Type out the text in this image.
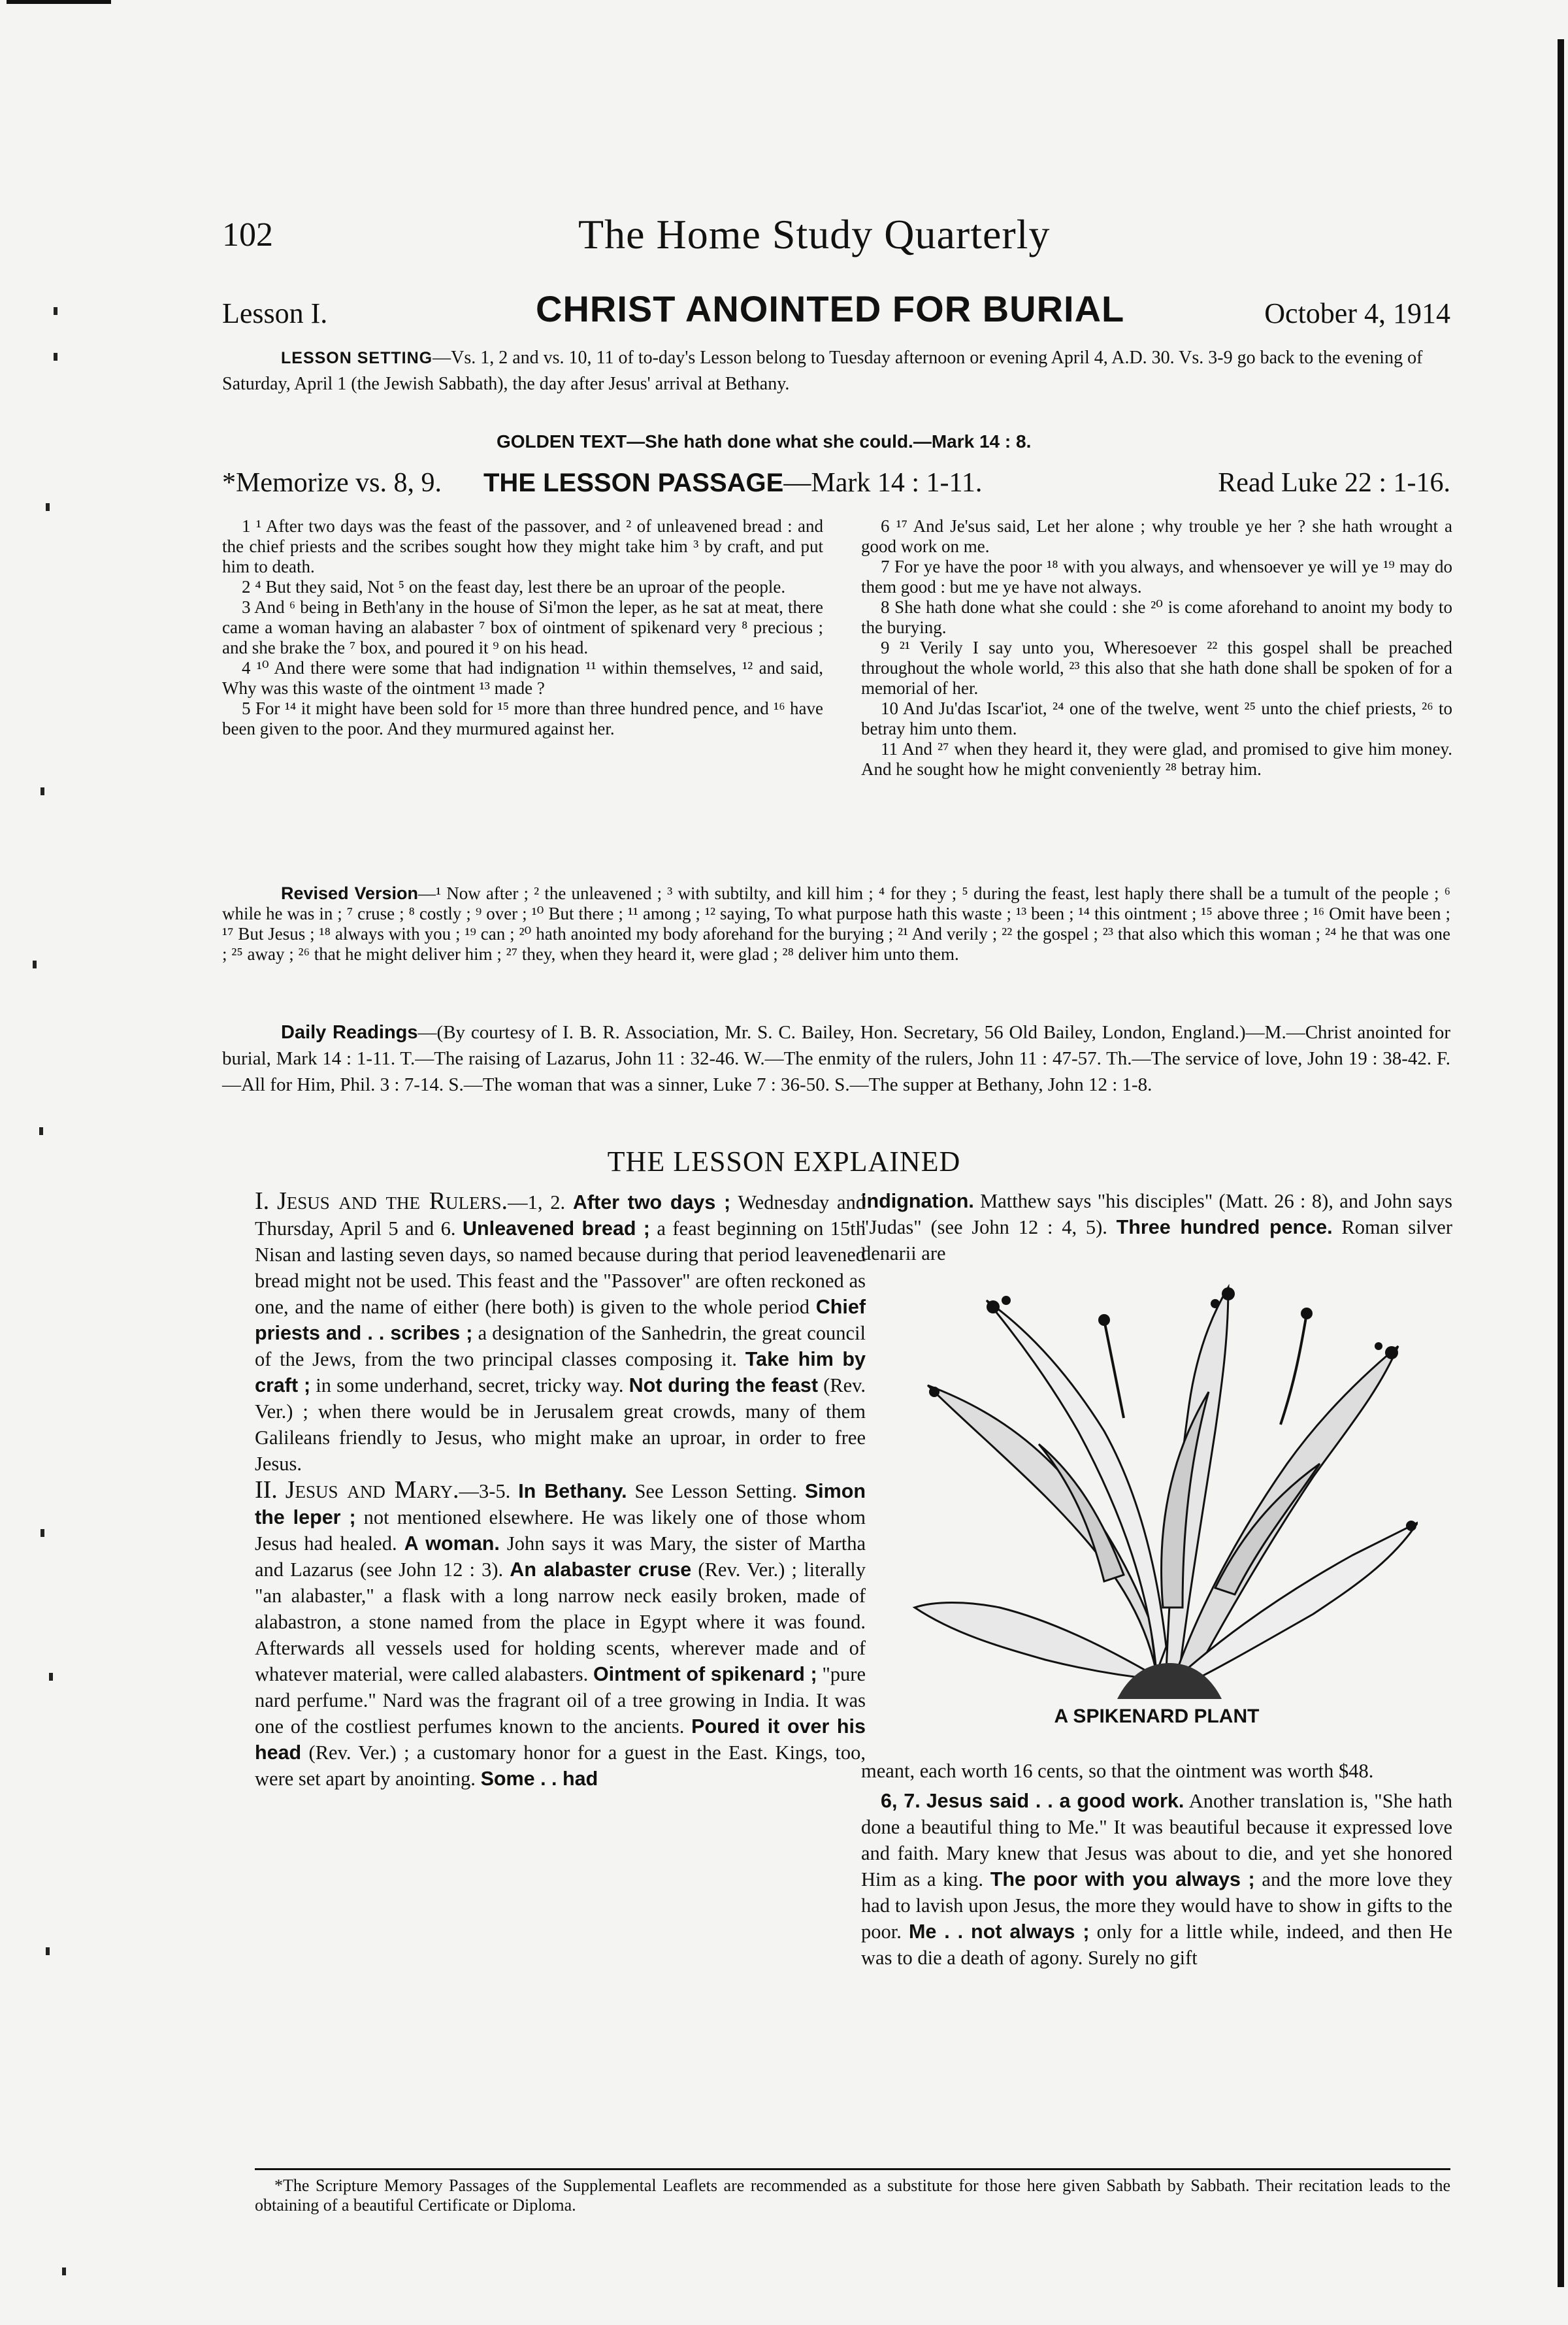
102	The Home Study Quarterly
Lesson I.	CHRIST ANOINTED FOR BURIAL	October 4, 1914
LESSON SETTING—Vs. 1, 2 and vs. 10, 11 of to-day's Lesson belong to Tuesday afternoon or evening April 4, A.D. 30. Vs. 3-9 go back to the evening of Saturday, April 1 (the Jewish Sabbath), the day after Jesus' arrival at Bethany.
GOLDEN TEXT—She hath done what she could.—Mark 14 : 8.
*Memorize vs. 8, 9. THE LESSON PASSAGE—Mark 14 : 1-11.	Read Luke 22 : 1-16.

1 ¹ After two days was the feast of the passover, and ² of unleavened bread : and the chief priests and the scribes sought how they might take him ³ by craft, and put him to death.

2 ⁴ But they said, Not ⁵ on the feast day, lest there be an uproar of the people.

3 And ⁶ being in Beth'any in the house of Si'mon the leper, as he sat at meat, there came a woman having an alabaster ⁷ box of ointment of spikenard very ⁸ precious ; and she brake the ⁷ box, and poured it ⁹ on his head.

4 ¹⁰ And there were some that had indignation ¹¹ within themselves, ¹² and said, Why was this waste of the ointment ¹³ made ?

5 For ¹⁴ it might have been sold for ¹⁵ more than three hundred pence, and ¹⁶ have been given to the poor. And they murmured against her.

6 ¹⁷ And Je'sus said, Let her alone ; why trouble ye her ? she hath wrought a good work on me.

7 For ye have the poor ¹⁸ with you always, and whensoever ye will ye ¹⁹ may do them good : but me ye have not always.

8 She hath done what she could : she ²⁰ is come aforehand to anoint my body to the burying.

9 ²¹ Verily I say unto you, Wheresoever ²² this gospel shall be preached throughout the whole world, ²³ this also that she hath done shall be spoken of for a memorial of her.

10 And Ju'das Iscar'iot, ²⁴ one of the twelve, went ²⁵ unto the chief priests, ²⁶ to betray him unto them.

11 And ²⁷ when they heard it, they were glad, and promised to give him money. And he sought how he might conveniently ²⁸ betray him.

Revised Version—¹ Now after ; ² the unleavened ; ³ with subtilty, and kill him ; ⁴ for they ; ⁵ during the feast, lest haply there shall be a tumult of the people ; ⁶ while he was in ; ⁷ cruse ; ⁸ costly ; ⁹ over ; ¹⁰ But there ; ¹¹ among ; ¹² saying, To what purpose hath this waste ; ¹³ been ; ¹⁴ this ointment ; ¹⁵ above three ; ¹⁶ Omit have been ; ¹⁷ But Jesus ; ¹⁸ always with you ; ¹⁹ can ; ²⁰ hath anointed my body aforehand for the burying ; ²¹ And verily ; ²² the gospel ; ²³ that also which this woman ; ²⁴ he that was one ; ²⁵ away ; ²⁶ that he might deliver him ; ²⁷ they, when they heard it, were glad ; ²⁸ deliver him unto them.
Daily Readings—(By courtesy of I. B. R. Association, Mr. S. C. Bailey, Hon. Secretary, 56 Old Bailey, London, England.)—M.—Christ anointed for burial, Mark 14 : 1-11. T.—The raising of Lazarus, John 11 : 32-46. W.—The enmity of the rulers, John 11 : 47-57. Th.—The service of love, John 19 : 38-42. F.—All for Him, Phil. 3 : 7-14. S.—The woman that was a sinner, Luke 7 : 36-50. S.—The supper at Bethany, John 12 : 1-8.
THE LESSON EXPLAINED

I. Jesus and the Rulers.—1, 2. After two days ; Wednesday and Thursday, April 5 and 6. Unleavened bread ; a feast beginning on 15th Nisan and lasting seven days, so named because during that period leavened bread might not be used. This feast and the "Passover" are often reckoned as one, and the name of either (here both) is given to the whole period Chief priests and . . scribes ; a designation of the Sanhedrin, the great council of the Jews, from the two principal classes composing it. Take him by craft ; in some underhand, secret, tricky way. Not during the feast (Rev. Ver.) ; when there would be in Jerusalem great crowds, many of them Galileans friendly to Jesus, who might make an uproar, in order to free Jesus.

II. Jesus and Mary.—3-5. In Bethany. See Lesson Setting. Simon the leper ; not mentioned elsewhere. He was likely one of those whom Jesus had healed. A woman. John says it was Mary, the sister of Martha and Lazarus (see John 12 : 3). An alabaster cruse (Rev. Ver.) ; literally "an alabaster," a flask with a long narrow neck easily broken, made of alabastron, a stone named from the place in Egypt where it was found. Afterwards all vessels used for holding scents, wherever made and of whatever material, were called alabasters. Ointment of spikenard ; "pure nard perfume." Nard was the fragrant oil of a tree growing in India. It was one of the costliest perfumes known to the ancients. Poured it over his head (Rev. Ver.) ; a customary honor for a guest in the East. Kings, too, were set apart by anointing. Some . . had

indignation. Matthew says "his disciples" (Matt. 26 : 8), and John says "Judas" (see John 12 : 4, 5). Three hundred pence. Roman silver denarii are

A SPIKENARD PLANT

meant, each worth 16 cents, so that the ointment was worth $48.

6, 7. Jesus said . . a good work. Another translation is, "She hath done a beautiful thing to Me." It was beautiful because it expressed love and faith. Mary knew that Jesus was about to die, and yet she honored Him as a king. The poor with you always ; and the more love they had to lavish upon Jesus, the more they would have to show in gifts to the poor. Me . . not always ; only for a little while, indeed, and then He was to die a death of agony. Surely no gift

*The Scripture Memory Passages of the Supplemental Leaflets are recommended as a substitute for those here given Sabbath by Sabbath. Their recitation leads to the obtaining of a beautiful Certificate or Diploma.
